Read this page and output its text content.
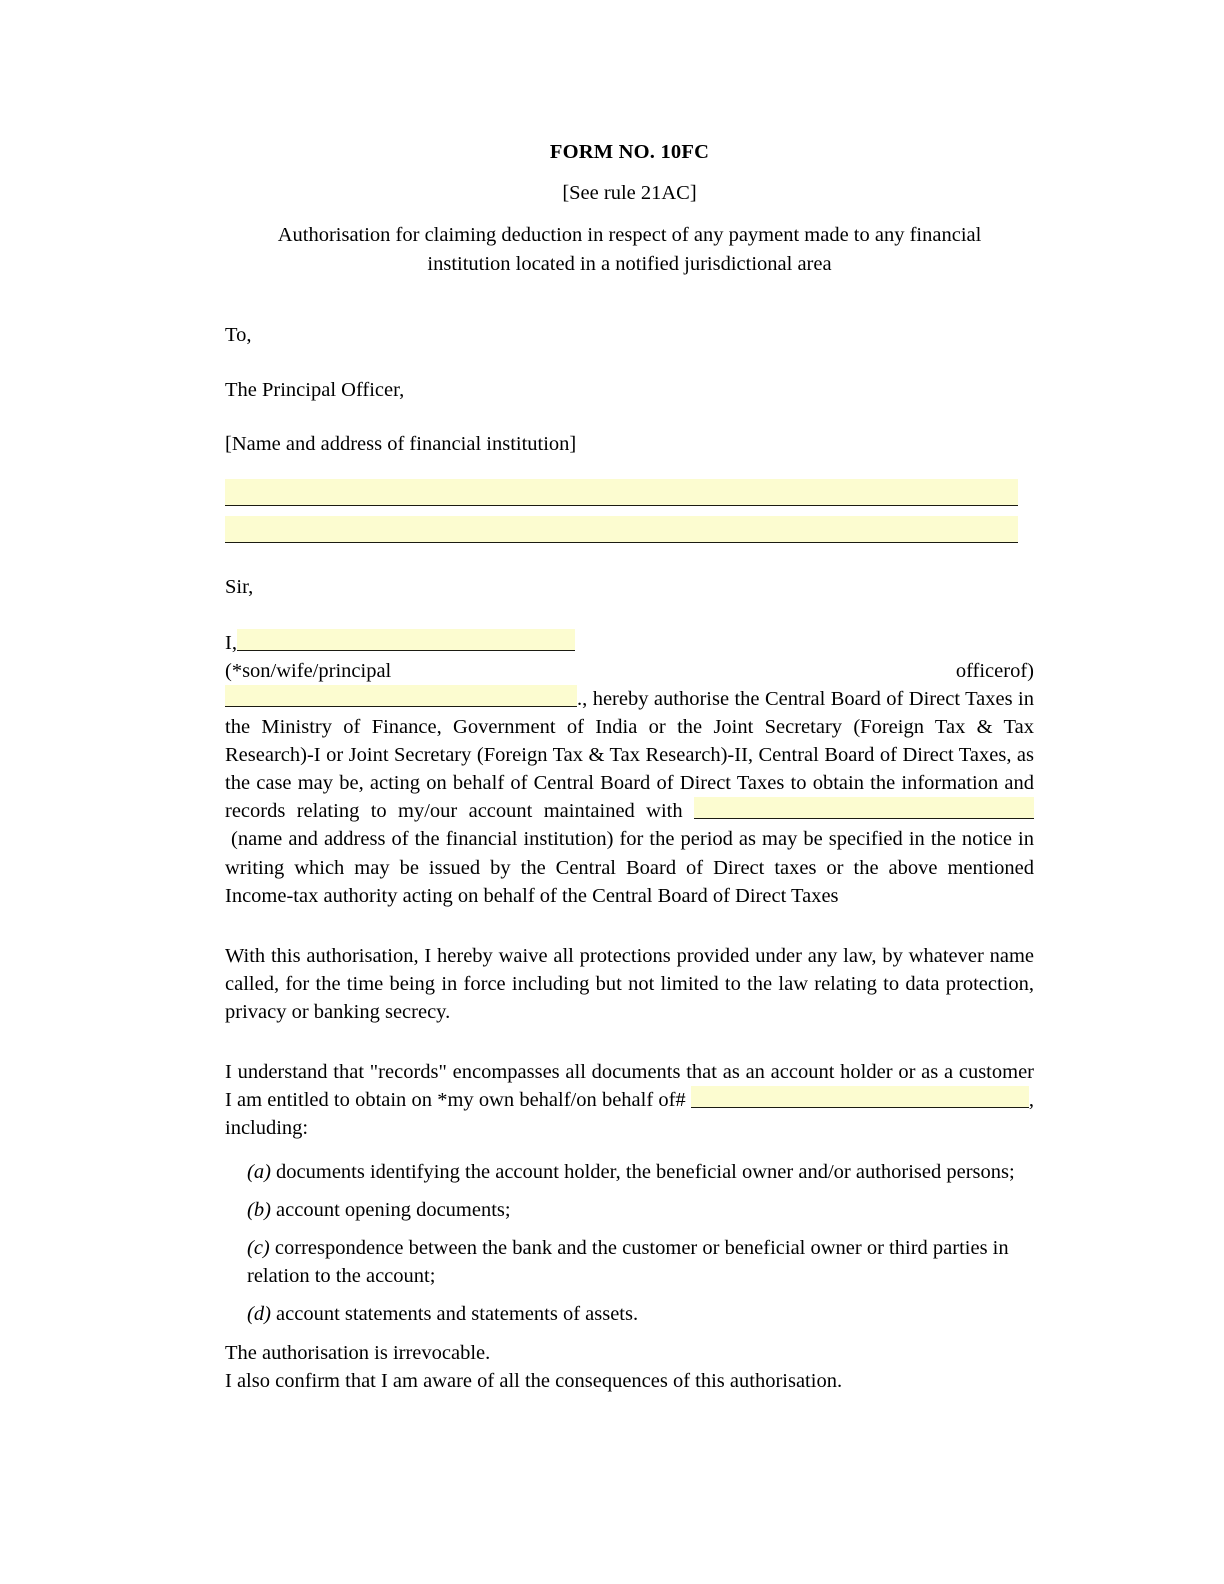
FORM NO. 10FC
[See rule 21AC]
Authorisation for claiming deduction in respect of any payment made to any financial institution located in a notified jurisdictional area
To,
The Principal Officer,
[Name and address of financial institution]
Sir,

I,(*son/wife/principal	officerof)., hereby authorise the Central Board of Direct Taxes in the Ministry of Finance, Government of India or the Joint Secretary (Foreign Tax & Tax Research)-I or Joint Secretary (Foreign Tax & Tax Research)-II, Central Board of Direct Taxes, as the case may be, acting on behalf of Central Board of Direct Taxes to obtain the information and records relating to my/our account maintained with  (name and address of the financial institution) for the period as may be specified in the notice in writing which may be issued by the Central Board of Direct taxes or the above mentioned Income-tax authority acting on behalf of the Central Board of Direct Taxes

With this authorisation, I hereby waive all protections provided under any law, by whatever name called, for the time being in force including but not limited to the law relating to data protection, privacy or banking secrecy.

I understand that "records" encompasses all documents that as an account holder or as a customer I am entitled to obtain on *my own behalf/on behalf of#	, including:

(a) documents identifying the account holder, the beneficial owner and/or authorised persons;
(b) account opening documents;
(c) correspondence between the bank and the customer or beneficial owner or third parties in relation to the account;
(d) account statements and statements of assets.

The authorisation is irrevocable.

I also confirm that I am aware of all the consequences of this authorisation.
